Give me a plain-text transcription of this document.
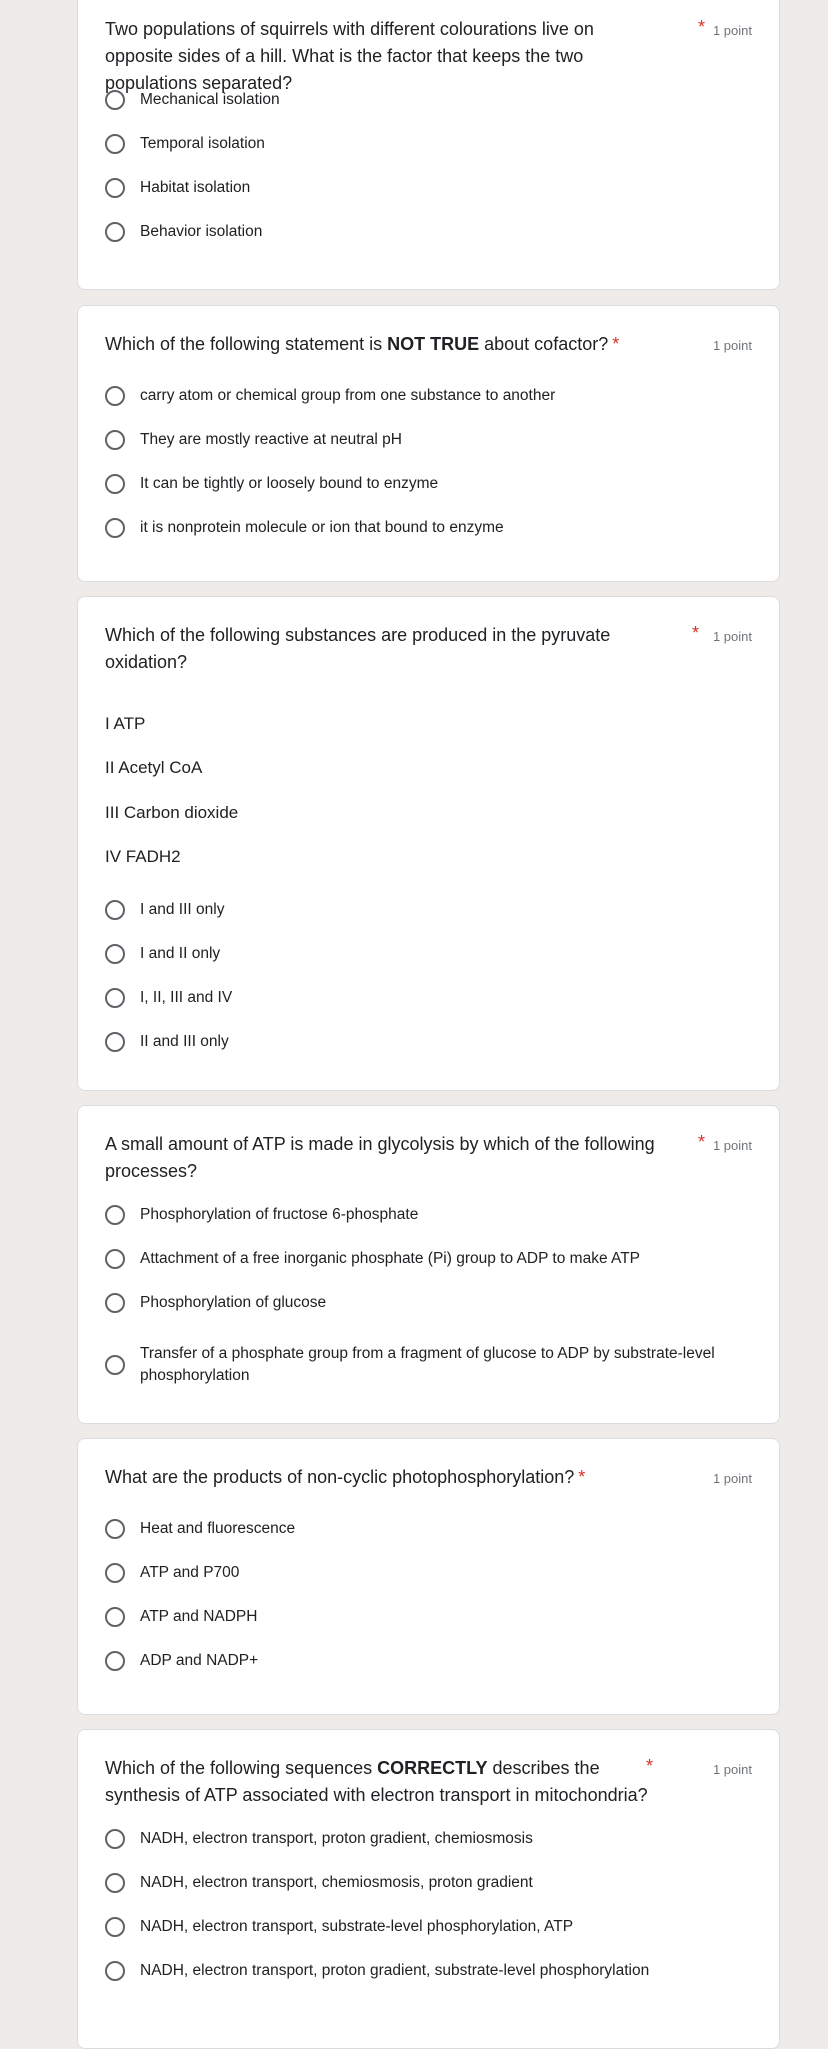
Two populations of squirrels with different colourations live on opposite sides of a hill. What is the factor that keeps the two populations separated?
* 1 point
Mechanical isolation
Temporal isolation
Habitat isolation
Behavior isolation
Which of the following statement is NOT TRUE about cofactor? *	1 point
carry atom or chemical group from one substance to another
They are mostly reactive at neutral pH
It can be tightly or loosely bound to enzyme
it is nonprotein molecule or ion that bound to enzyme
Which of the following substances are produced in the pyruvate oxidation?
* 1 point
I ATP
II Acetyl CoA
III Carbon dioxide
IV FADH2
I and III only
I and II only
I, II, III and IV
II and III only
A small amount of ATP is made in glycolysis by which of the following processes?
* 1 point
Phosphorylation of fructose 6-phosphate
Attachment of a free inorganic phosphate (Pi) group to ADP to make ATP
Phosphorylation of glucose
Transfer of a phosphate group from a fragment of glucose to ADP by substrate-level phosphorylation
What are the products of non-cyclic photophosphorylation? *	1 point
Heat and fluorescence
ATP and P700
ATP and NADPH
ADP and NADP+
Which of the following sequences CORRECTLY describes the synthesis of ATP associated with electron transport in mitochondria?
*	1 point
NADH, electron transport, proton gradient, chemiosmosis
NADH, electron transport, chemiosmosis, proton gradient
NADH, electron transport, substrate-level phosphorylation, ATP
NADH, electron transport, proton gradient, substrate-level phosphorylation
